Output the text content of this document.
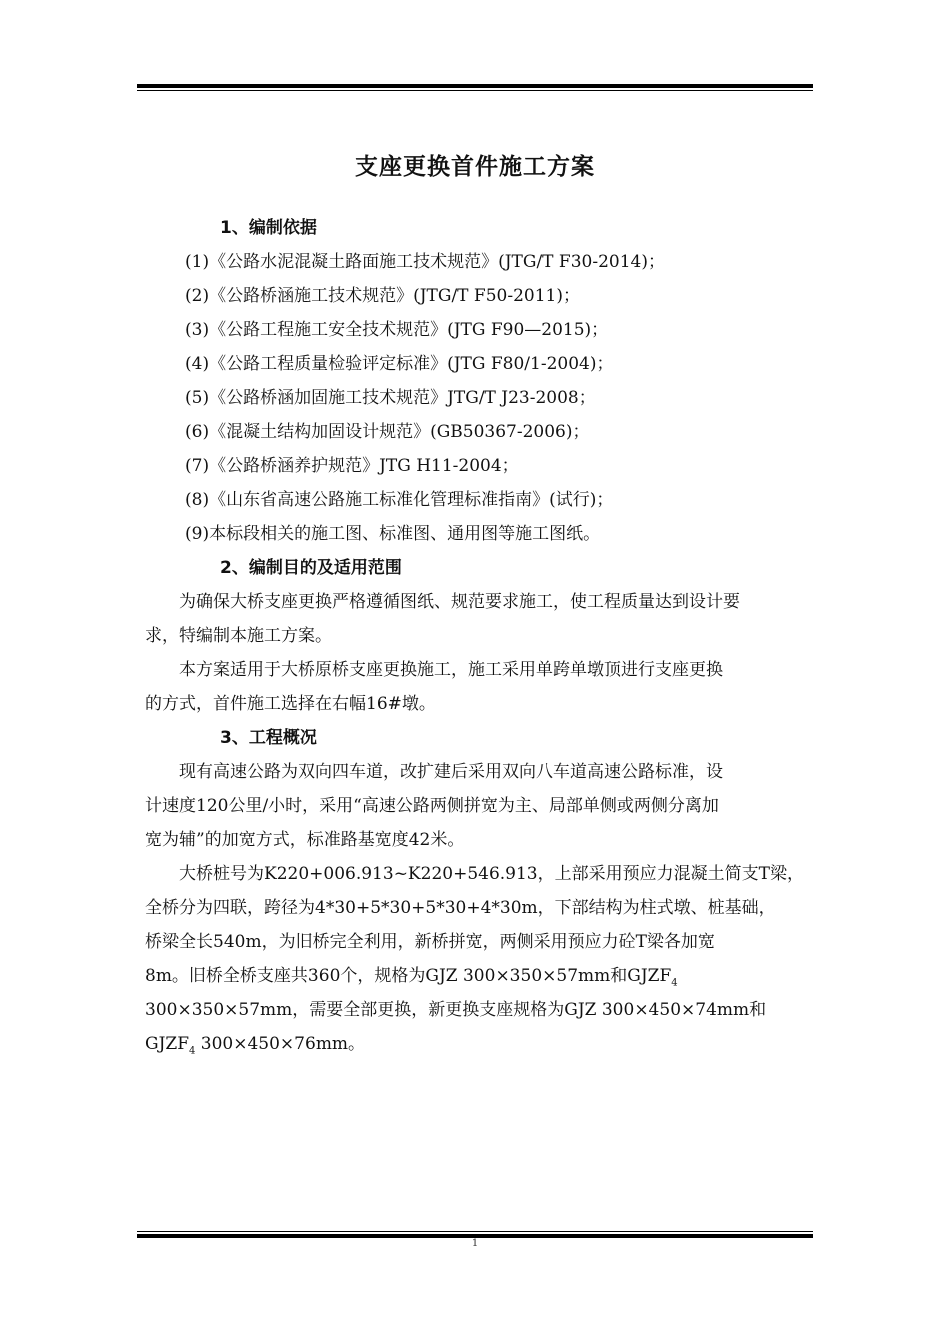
支座更换首件施工方案
1、编制依据
(1)《公路水泥混凝土路面施工技术规范》(JTG/T F30-2014)；
(2)《公路桥涵施工技术规范》(JTG/T F50-2011)；
(3)《公路工程施工安全技术规范》(JTG F90—2015)；
(4)《公路工程质量检验评定标准》(JTG F80/1-2004)；
(5)《公路桥涵加固施工技术规范》JTG/T J23-2008；
(6)《混凝土结构加固设计规范》(GB50367-2006)；
(7)《公路桥涵养护规范》JTG H11-2004；
(8)《山东省高速公路施工标准化管理标准指南》(试行)；
(9)本标段相关的施工图、标准图、通用图等施工图纸。
2、编制目的及适用范围
为确保大桥支座更换严格遵循图纸、规范要求施工，使工程质量达到设计要
求，特编制本施工方案。
本方案适用于大桥原桥支座更换施工，施工采用单跨单墩顶进行支座更换
的方式，首件施工选择在右幅16#墩。
3、工程概况
现有高速公路为双向四车道，改扩建后采用双向八车道高速公路标准，设
计速度120公里/小时，采用“高速公路两侧拼宽为主、局部单侧或两侧分离加
宽为辅”的加宽方式，标准路基宽度42米。
大桥桩号为K220+006.913~K220+546.913，上部采用预应力混凝土简支T梁，
全桥分为四联，跨径为4*30+5*30+5*30+4*30m，下部结构为柱式墩、桩基础，
桥梁全长540m，为旧桥完全利用，新桥拼宽，两侧采用预应力砼T梁各加宽
8m。旧桥全桥支座共360个，规格为GJZ 300×350×57mm和$GJZF_4$
300×350×57mm，需要全部更换，新更换支座规格为GJZ 300×450×74mm和
$GJZF_4$ 300×450×76mm。
1
